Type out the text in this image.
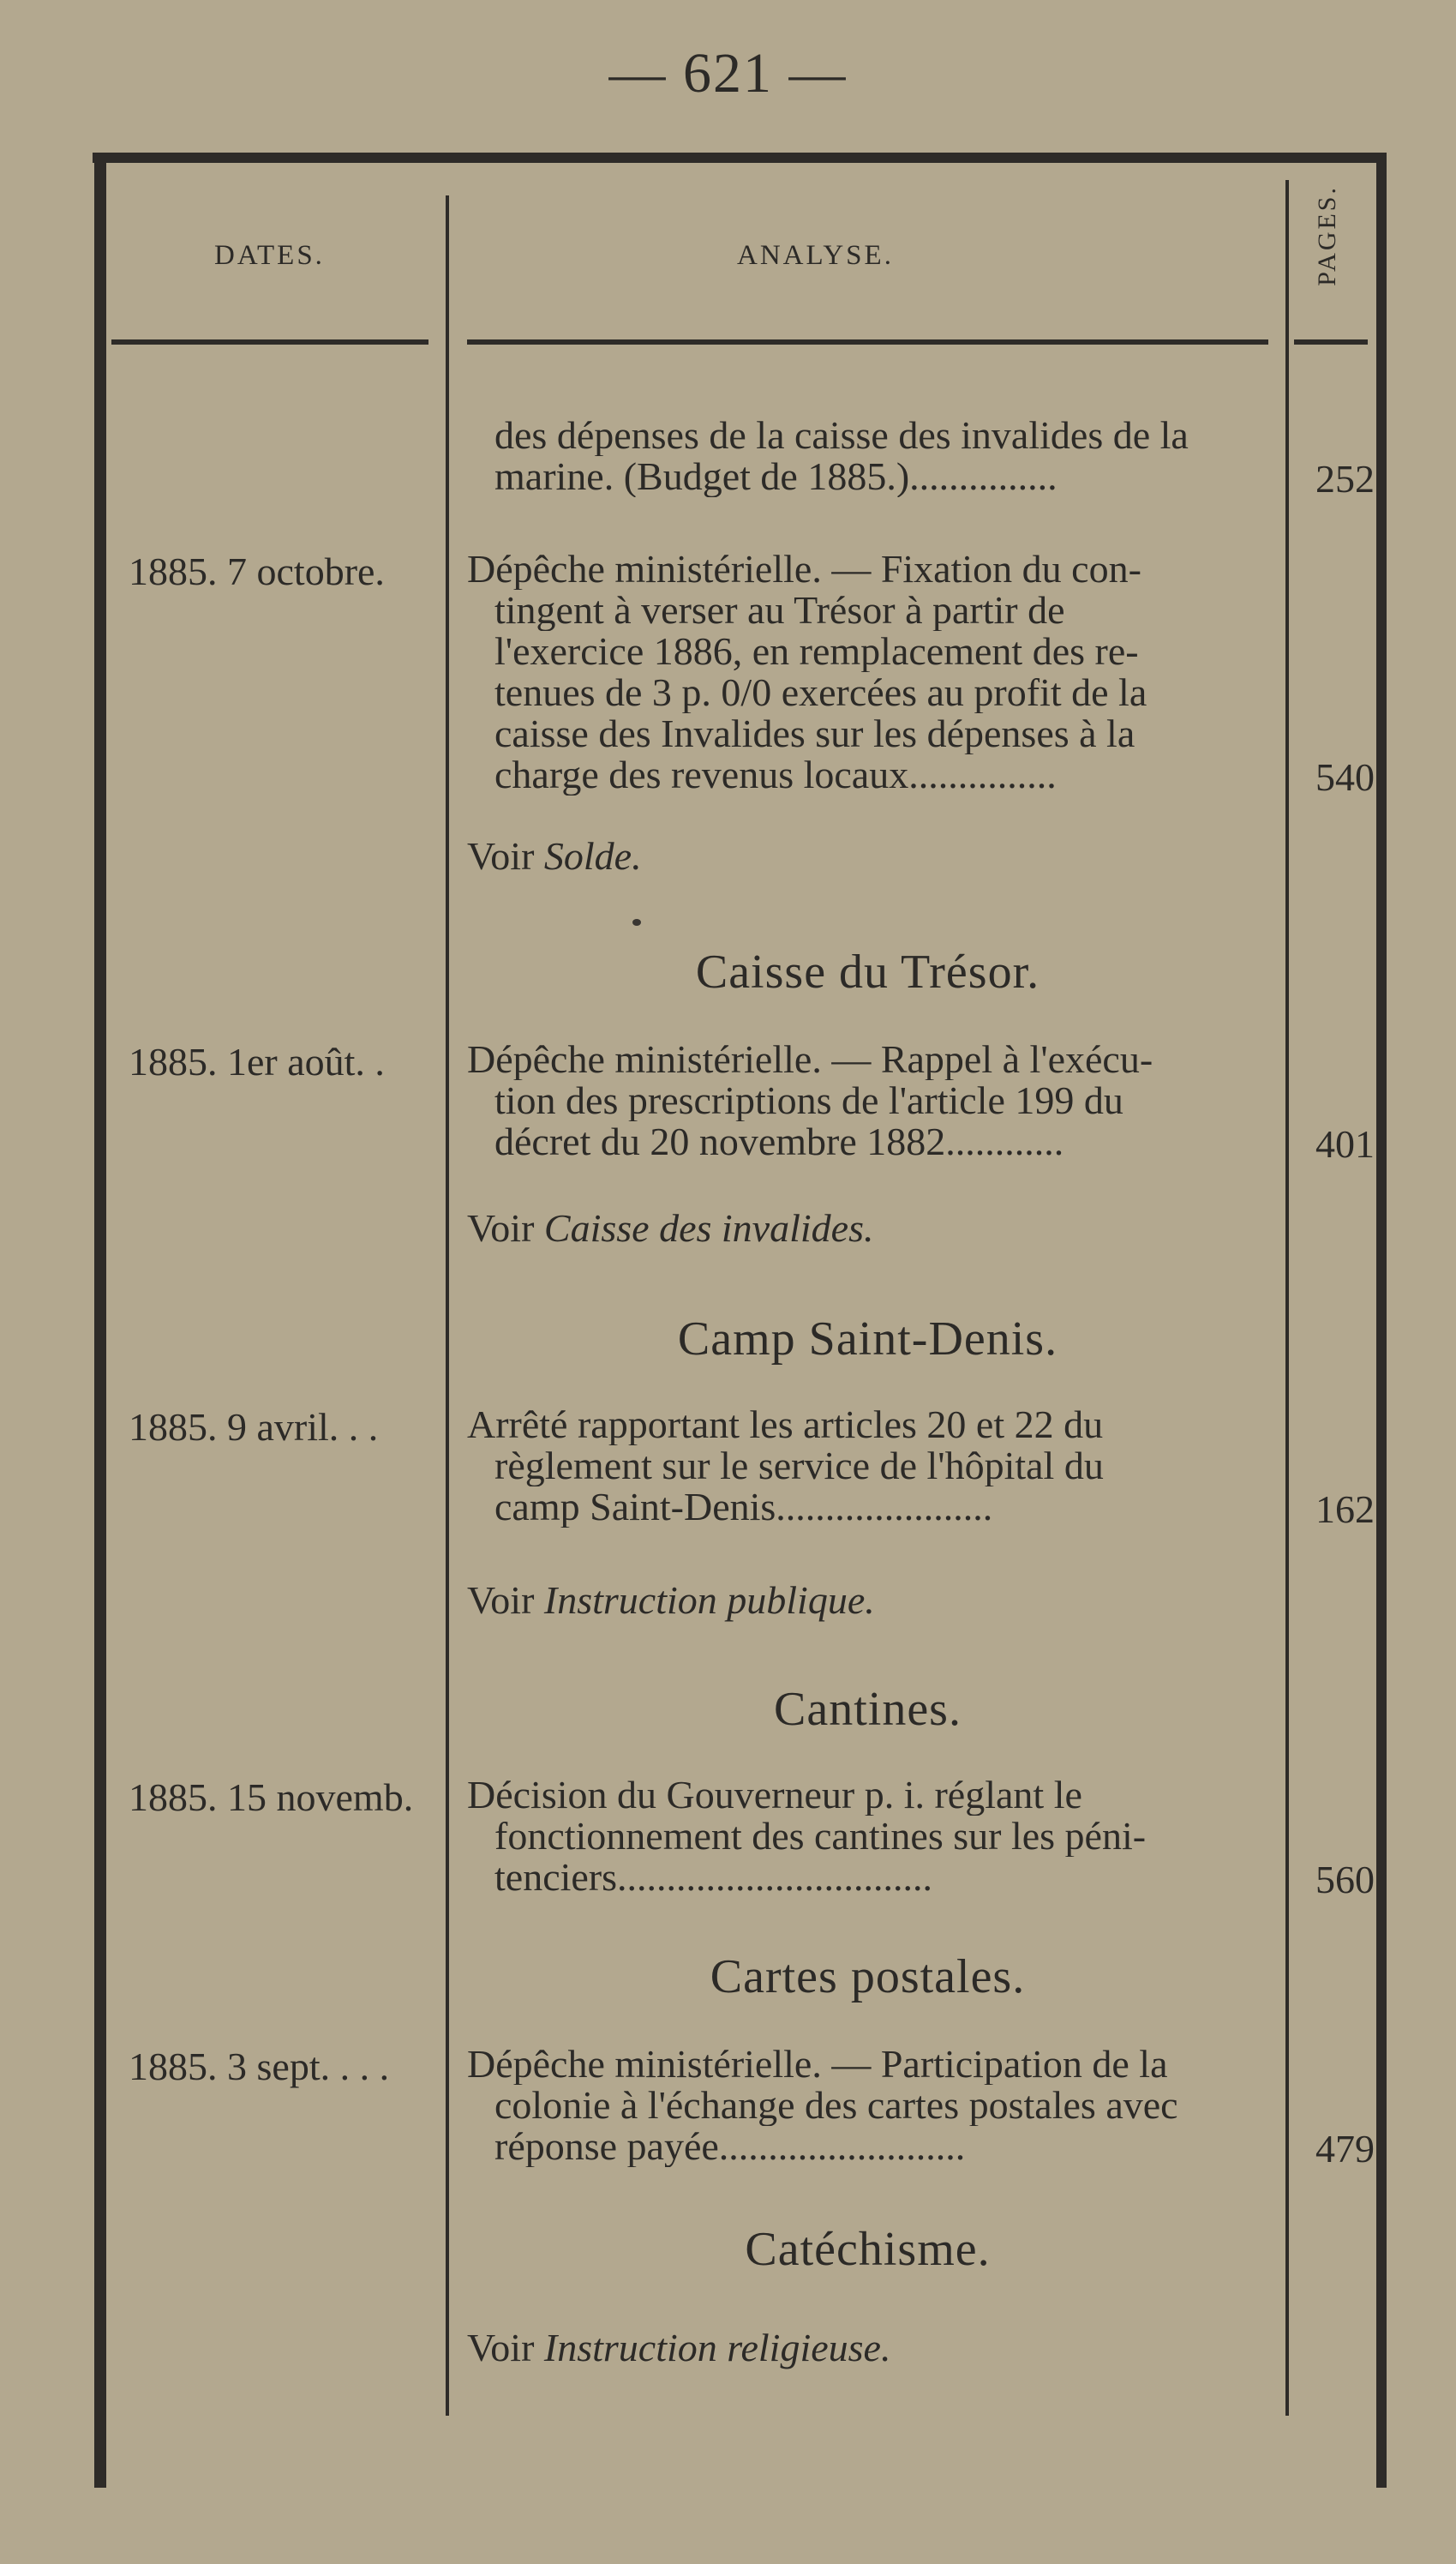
— 621 —
DATES.	ANALYSE.	PAGES.
des dépenses de la caisse des invalides de la
marine. (Budget de 1885.)...............	252
1885. 7 octobre.	Dépêche ministérielle. — Fixation du con-
tingent à verser au Trésor à partir de
l'exercice 1886, en remplacement des re-
tenues de 3 p. 0/0 exercées au profit de la
caisse des Invalides sur les dépenses à la
charge des revenus locaux...............	540
Voir Solde.
Caisse du Trésor.
1885. 1er août. .	Dépêche ministérielle. — Rappel à l'exécu-
tion des prescriptions de l'article 199 du
décret du 20 novembre 1882............	401
Voir Caisse des invalides.
Camp Saint-Denis.
1885. 9 avril. . .	Arrêté rapportant les articles 20 et 22 du
règlement sur le service de l'hôpital du
camp Saint-Denis......................	162
Voir Instruction publique.
Cantines.
1885. 15 novemb.	Décision du Gouverneur p. i. réglant le
fonctionnement des cantines sur les péni-
tenciers................................	560
Cartes postales.
1885. 3 sept. . . .	Dépêche ministérielle. — Participation de la
colonie à l'échange des cartes postales avec
réponse payée.........................	479
Catéchisme.
Voir Instruction religieuse.
